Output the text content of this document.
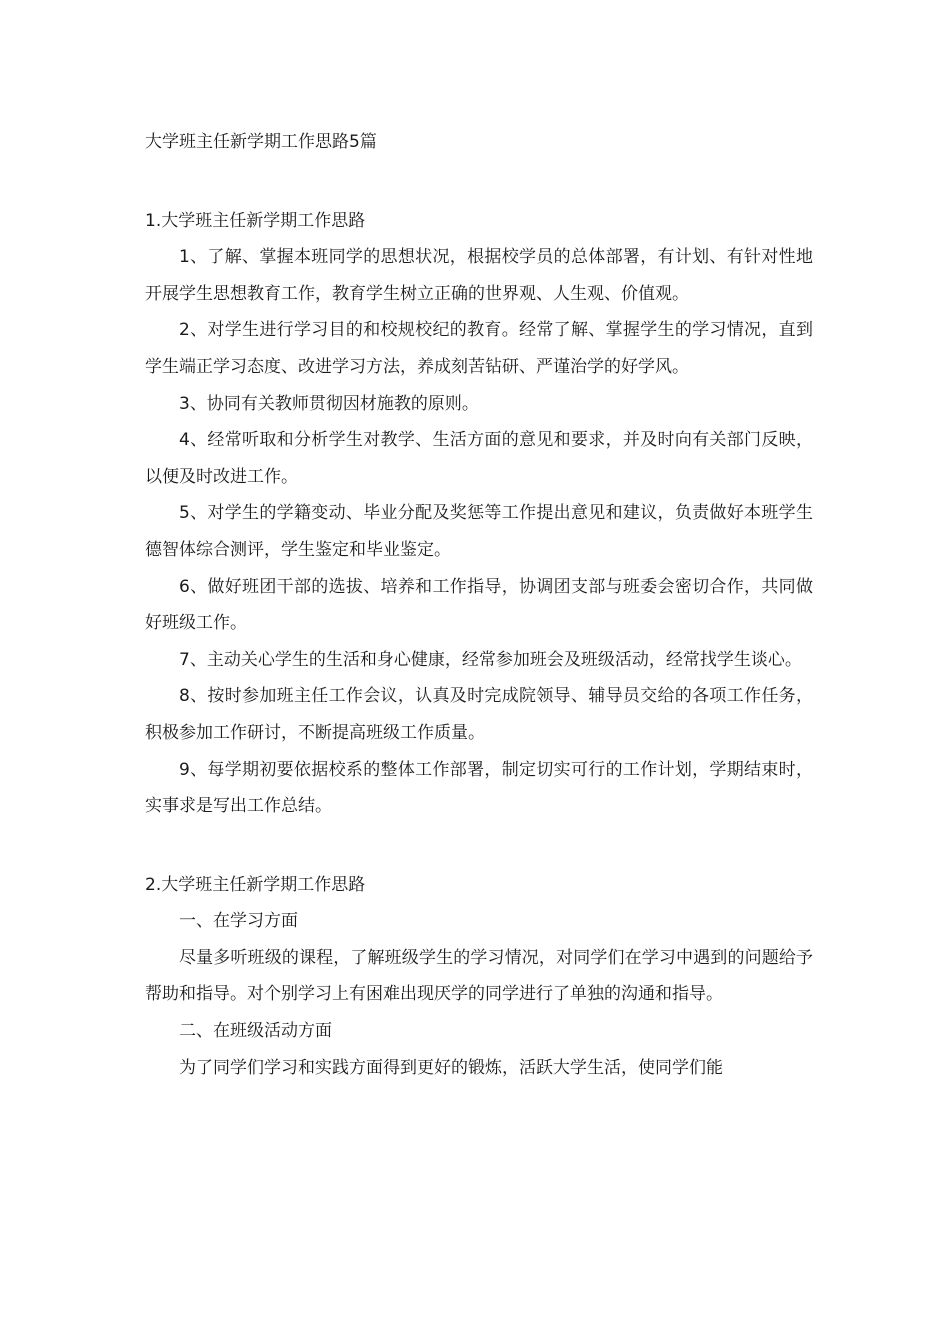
大学班主任新学期工作思路5篇
1.大学班主任新学期工作思路

1、了解、掌握本班同学的思想状况，根据校学员的总体部署，有计划、有针对性地开展学生思想教育工作，教育学生树立正确的世界观、人生观、价值观。

2、对学生进行学习目的和校规校纪的教育。经常了解、掌握学生的学习情况，直到学生端正学习态度、改进学习方法，养成刻苦钻研、严谨治学的好学风。

3、协同有关教师贯彻因材施教的原则。

4、经常听取和分析学生对教学、生活方面的意见和要求，并及时向有关部门反映，以便及时改进工作。

5、对学生的学籍变动、毕业分配及奖惩等工作提出意见和建议，负责做好本班学生德智体综合测评，学生鉴定和毕业鉴定。

6、做好班团干部的选拔、培养和工作指导，协调团支部与班委会密切合作，共同做好班级工作。

7、主动关心学生的生活和身心健康，经常参加班会及班级活动，经常找学生谈心。

8、按时参加班主任工作会议，认真及时完成院领导、辅导员交给的各项工作任务，积极参加工作研讨，不断提高班级工作质量。

9、每学期初要依据校系的整体工作部署，制定切实可行的工作计划，学期结束时，实事求是写出工作总结。

2.大学班主任新学期工作思路

一、在学习方面

尽量多听班级的课程，了解班级学生的学习情况，对同学们在学习中遇到的问题给予帮助和指导。对个别学习上有困难出现厌学的同学进行了单独的沟通和指导。

二、在班级活动方面

为了同学们学习和实践方面得到更好的锻炼，活跃大学生活，使同学们能
